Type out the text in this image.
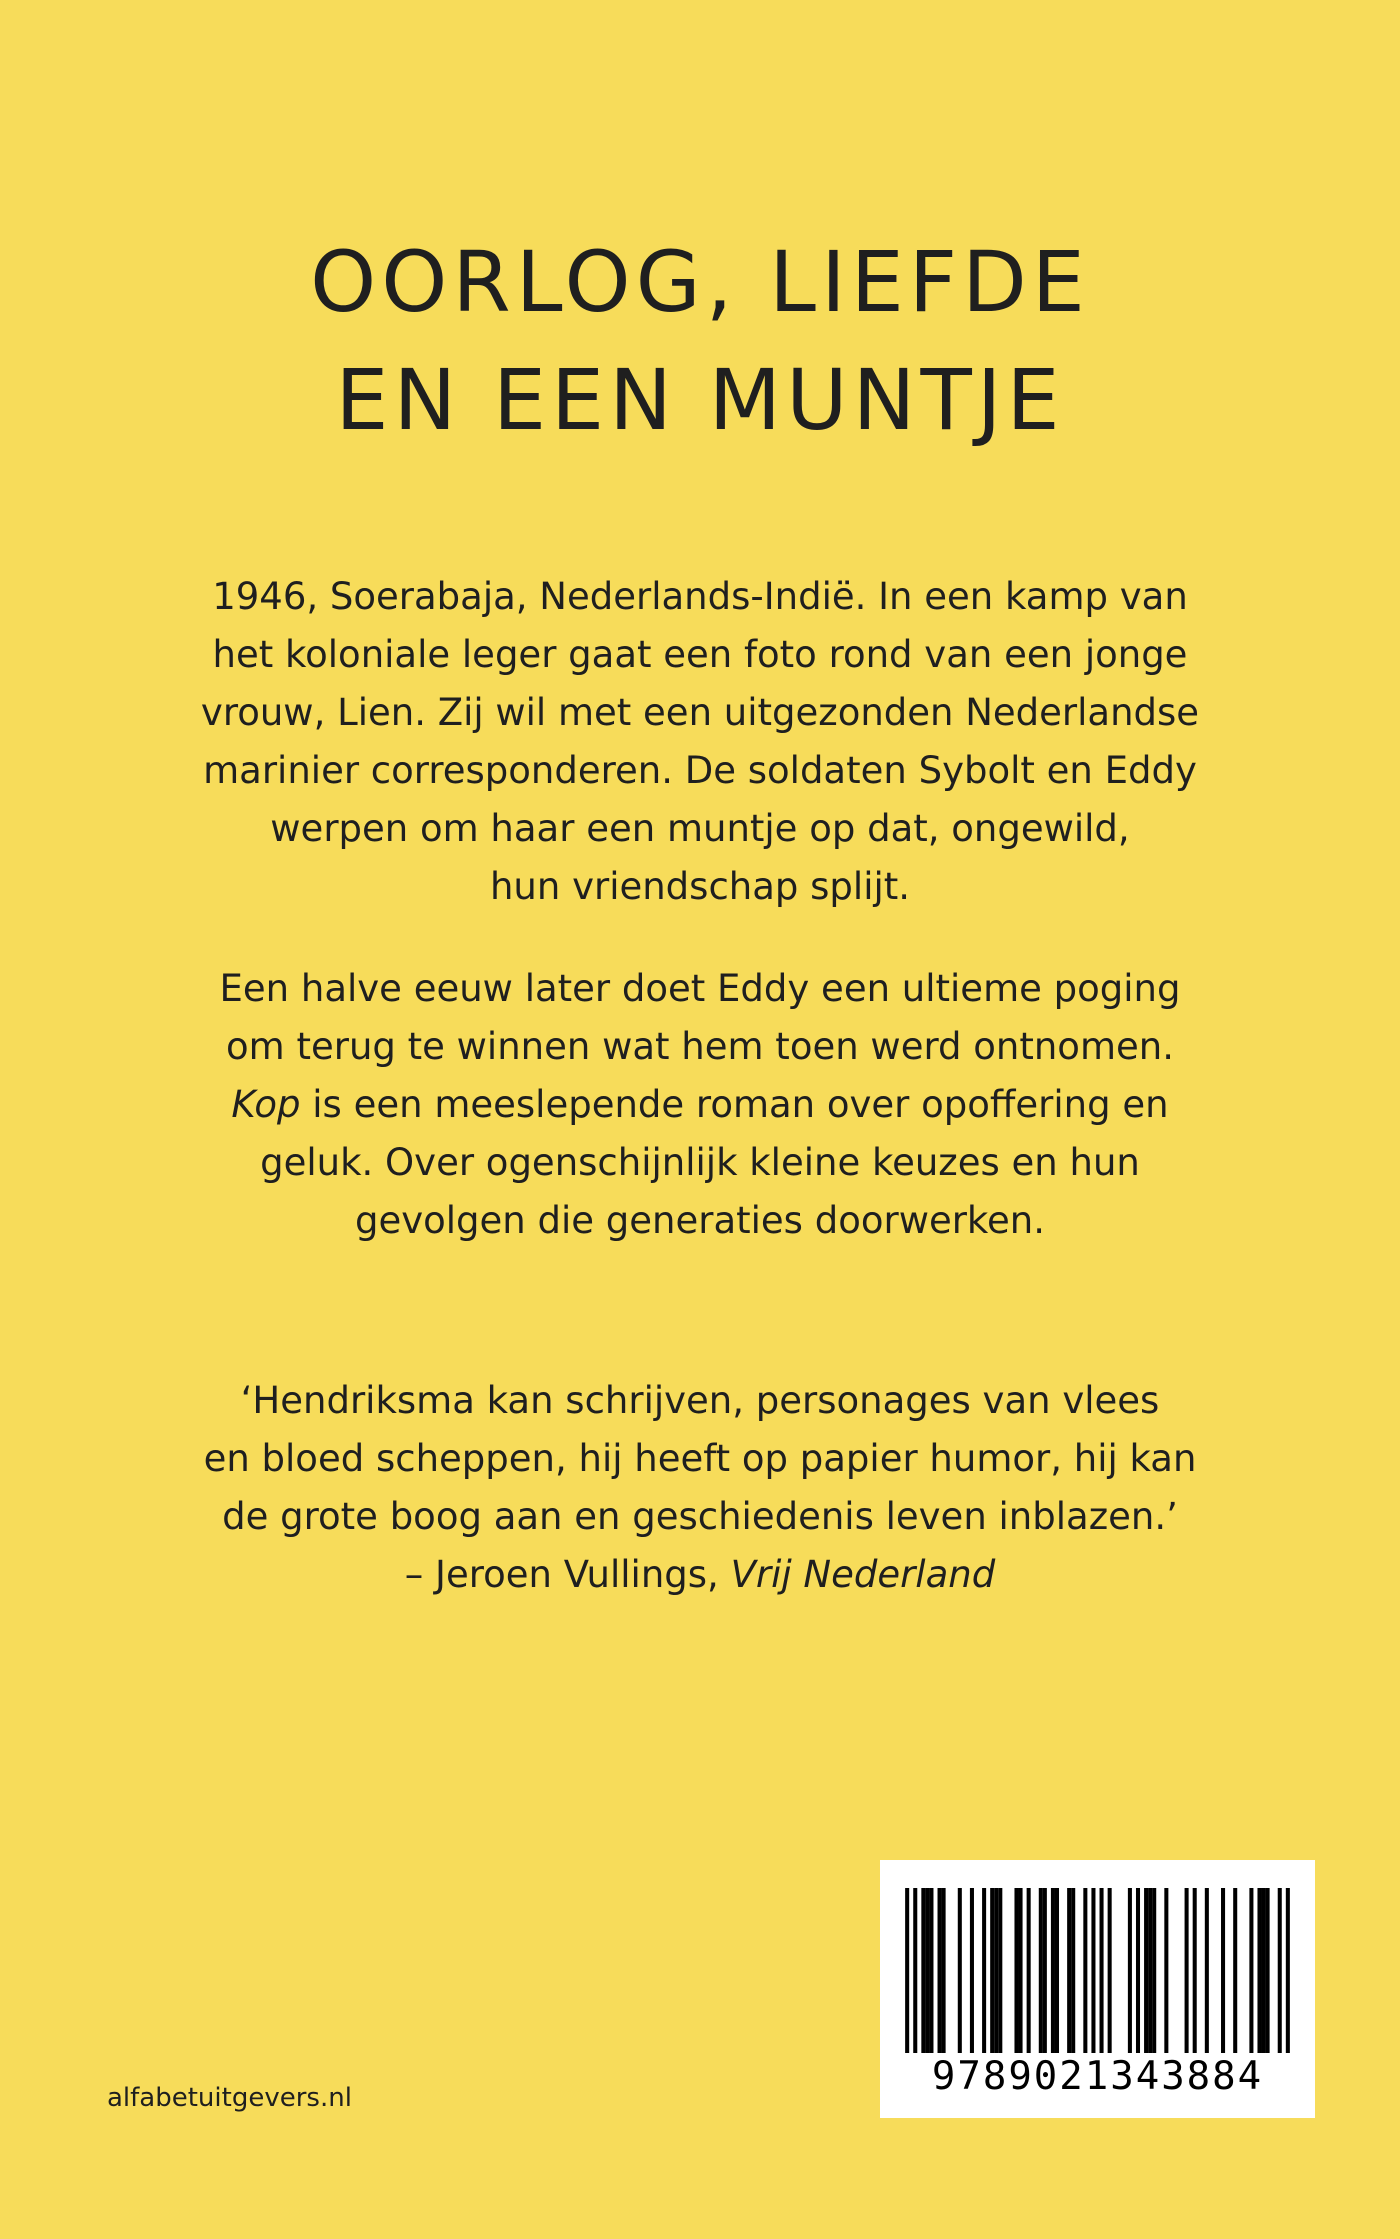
OORLOG, LIEFDE
EN EEN MUNTJE

1946, Soerabaja, Nederlands-Indië. In een kamp van
het koloniale leger gaat een foto rond van een jonge
vrouw, Lien. Zij wil met een uitgezonden Nederlandse
marinier corresponderen. De soldaten Sybolt en Eddy
werpen om haar een muntje op dat, ongewild,
hun vriendschap splijt.

Een halve eeuw later doet Eddy een ultieme poging
om terug te winnen wat hem toen werd ontnomen.
Kop is een meeslepende roman over opoffering en
geluk. Over ogenschijnlijk kleine keuzes en hun
gevolgen die generaties doorwerken.

‘Hendriksma kan schrijven, personages van vlees
en bloed scheppen, hij heeft op papier humor, hij kan
de grote boog aan en geschiedenis leven inblazen.’

– Jeroen Vullings, Vrij Nederland

9789021343884
alfabetuitgevers.nl
